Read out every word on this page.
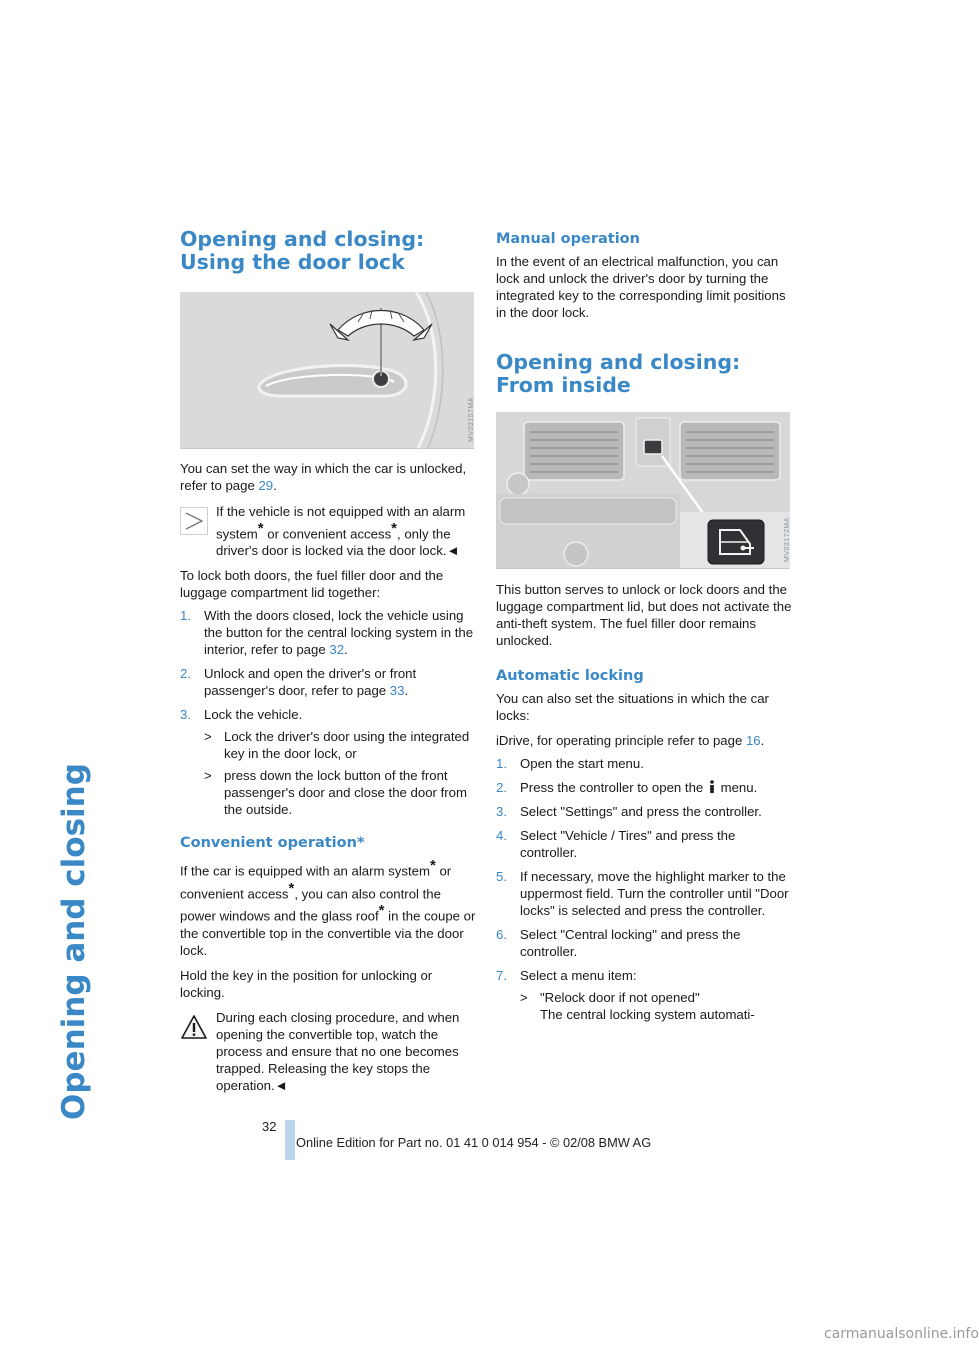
Opening and closing
Opening and closing:
Using the door lock
MV03157MA

You can set the way in which the car is unlocked, refer to page 29.

If the vehicle is not equipped with an alarm system* or convenient access*, only the driver's door is locked via the door lock.◄

To lock both doors, the fuel filler door and the luggage compartment lid together:

1. With the doors closed, lock the vehicle using the button for the central locking system in the interior, refer to page 32.
2. Unlock and open the driver's or front passenger's door, refer to page 33.
3. Lock the vehicle.
> Lock the driver's door using the integrated key in the door lock, or
> press down the lock button of the front passenger's door and close the door from the outside.
Convenient operation*

If the car is equipped with an alarm system* or convenient access*, you can also control the power windows and the glass roof* in the coupe or the convertible top in the convertible via the door lock.

Hold the key in the position for unlocking or locking.

During each closing procedure, and when opening the convertible top, watch the process and ensure that no one becomes trapped. Releasing the key stops the operation.◄

Manual operation

In the event of an electrical malfunction, you can lock and unlock the driver's door by turning the integrated key to the corresponding limit positions in the door lock.

Opening and closing:
From inside
MV03172MA

This button serves to unlock or lock doors and the luggage compartment lid, but does not activate the anti-theft system. The fuel filler door remains unlocked.

Automatic locking

You can also set the situations in which the car locks:

iDrive, for operating principle refer to page 16.

1. Open the start menu.
2. Press the controller to open the  menu.
3. Select "Settings" and press the controller.
4. Select "Vehicle / Tires" and press the controller.
5. If necessary, move the highlight marker to the uppermost field. Turn the controller until "Door locks" is selected and press the controller.
6. Select "Central locking" and press the controller.
7. Select a menu item:
> "Relock door if not opened"
The central locking system automati-
32
Online Edition for Part no. 01 41 0 014 954 - © 02/08 BMW AG
carmanualsonline.info
